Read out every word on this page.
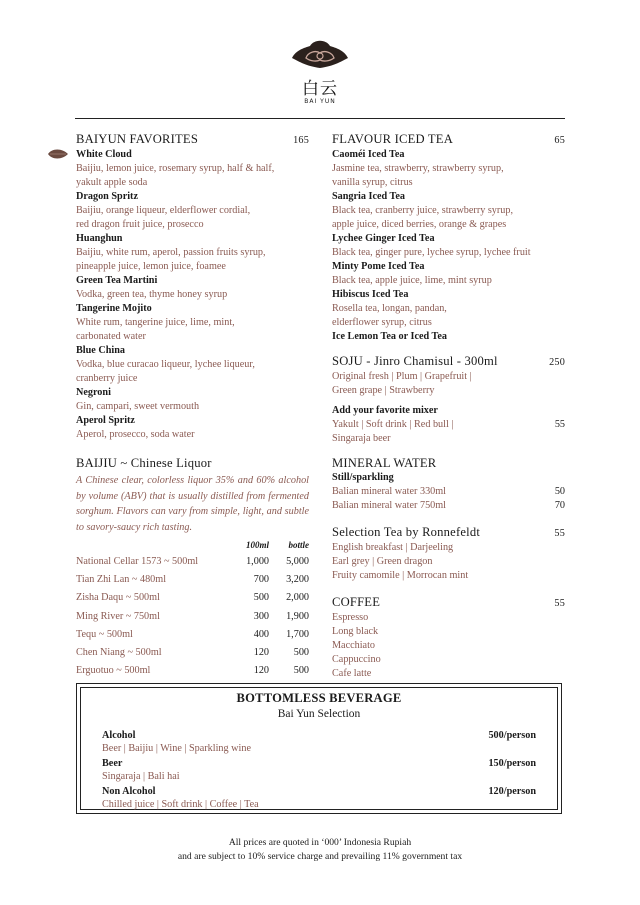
白云
BAI YUN
BAIYUN FAVORITES	165
White Cloud
Baijiu, lemon juice, rosemary syrup, half & half,
yakult apple soda
Dragon Spritz
Baijiu, orange liqueur, elderflower cordial,
red dragon fruit juice, prosecco
Huanghun
Baijiu, white rum, aperol, passion fruits syrup,
pineapple juice, lemon juice, foamee
Green Tea Martini
Vodka, green tea, thyme honey syrup
Tangerine Mojito
White rum, tangerine juice, lime, mint,
carbonated water
Blue China
Vodka, blue curacao liqueur, lychee liqueur,
cranberry juice
Negroni
Gin, campari, sweet vermouth
Aperol Spritz
Aperol, prosecco, soda water
BAIJIU ~ Chinese Liquor
A Chinese clear, colorless liquor 35% and 60% alcohol by volume (ABV) that is usually distilled from fermented sorghum. Flavors can vary from simple, light, and subtle to savory-saucy rich tasting.
100ml	bottle
National Cellar 1573 ~ 500ml	1,000	5,000
Tian Zhi Lan ~ 480ml	700	3,200
Zisha Daqu ~ 500ml	500	2,000
Ming River ~ 750ml	300	1,900
Tequ ~ 500ml	400	1,700
Chen Niang ~ 500ml	120	500
Erguotuo ~ 500ml	120	500
FLAVOUR ICED TEA	65
Caoméi Iced Tea
Jasmine tea, strawberry, strawberry syrup,
vanilla syrup, citrus
Sangria Iced Tea
Black tea, cranberry juice, strawberry syrup,
apple juice, diced berries, orange & grapes
Lychee Ginger Iced Tea
Black tea, ginger pure, lychee syrup, lychee fruit
Minty Pome Iced Tea
Black tea, apple juice, lime, mint syrup
Hibiscus Iced Tea
Rosella tea, longan, pandan,
elderflower syrup, citrus
Ice Lemon Tea or Iced Tea
SOJU - Jinro Chamisul - 300ml	250
Original fresh | Plum | Grapefruit |
Green grape | Strawberry
Add your favorite mixer
Yakult | Soft drink | Red bull |	55
Singaraja beer
MINERAL WATER
Still/sparkling
Balian mineral water 330ml	50
Balian mineral water 750ml	70
Selection Tea by Ronnefeldt	55
English breakfast | Darjeeling
Earl grey | Green dragon
Fruity camomile | Morrocan mint
COFFEE	55
Espresso
Long black
Macchiato
Cappuccino
Cafe latte
BOTTOMLESS BEVERAGE
Bai Yun Selection
Alcohol
Beer | Baijiu | Wine | Sparkling wine
500/person
Beer
Singaraja | Bali hai
150/person
Non Alcohol
Chilled juice | Soft drink | Coffee | Tea
120/person
All prices are quoted in ‘000’ Indonesia Rupiah
and are subject to 10% service charge and prevailing 11% government tax
